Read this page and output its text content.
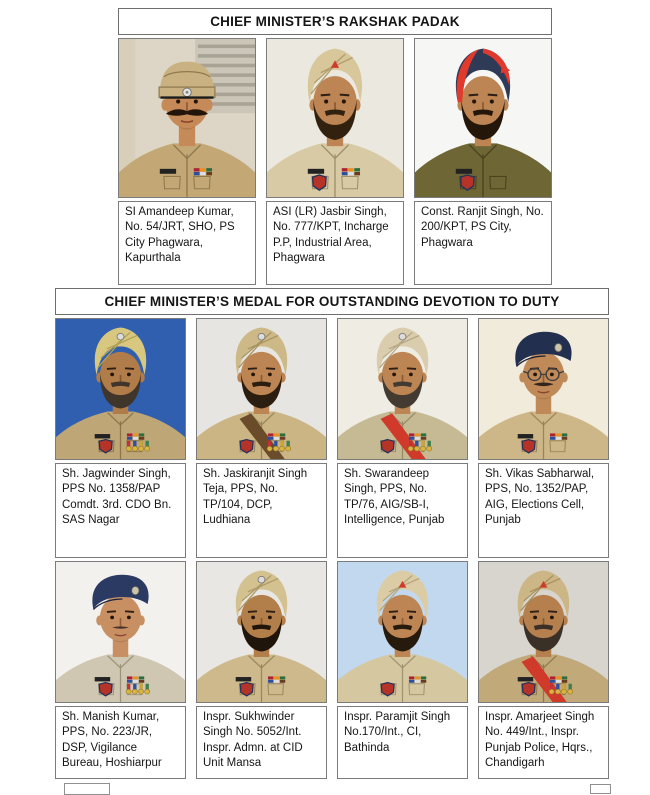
CHIEF MINISTER’S RAKSHAK PADAK
SI Amandeep Kumar, No. 54/JRT, SHO, PS City Phagwara, Kapurthala
ASI (LR) Jasbir Singh, No. 777/KPT, Incharge P.P, Industrial Area, Phagwara
Const. Ranjit Singh, No. 200/KPT, PS City, Phagwara
CHIEF MINISTER’S MEDAL FOR OUTSTANDING DEVOTION TO DUTY
Sh. Jagwinder Singh, PPS No. 1358/PAP Comdt. 3rd. CDO Bn. SAS Nagar
Sh. Jaskiranjit Singh Teja, PPS, No. TP/104, DCP, Ludhiana
Sh. Swarandeep Singh, PPS, No. TP/76, AIG/SB-I, Intelligence, Punjab
Sh. Vikas Sabharwal, PPS, No. 1352/PAP, AIG, Elections Cell, Punjab
Sh. Manish Kumar, PPS, No. 223/JR, DSP, Vigilance Bureau, Hoshiarpur
Inspr. Sukhwinder Singh No. 5052/Int. Inspr. Admn. at CID Unit Mansa
Inspr. Paramjit Singh No.170/Int., CI, Bathinda
Inspr. Amarjeet Singh No. 449/Int., Inspr. Punjab Police, Hqrs., Chandigarh
